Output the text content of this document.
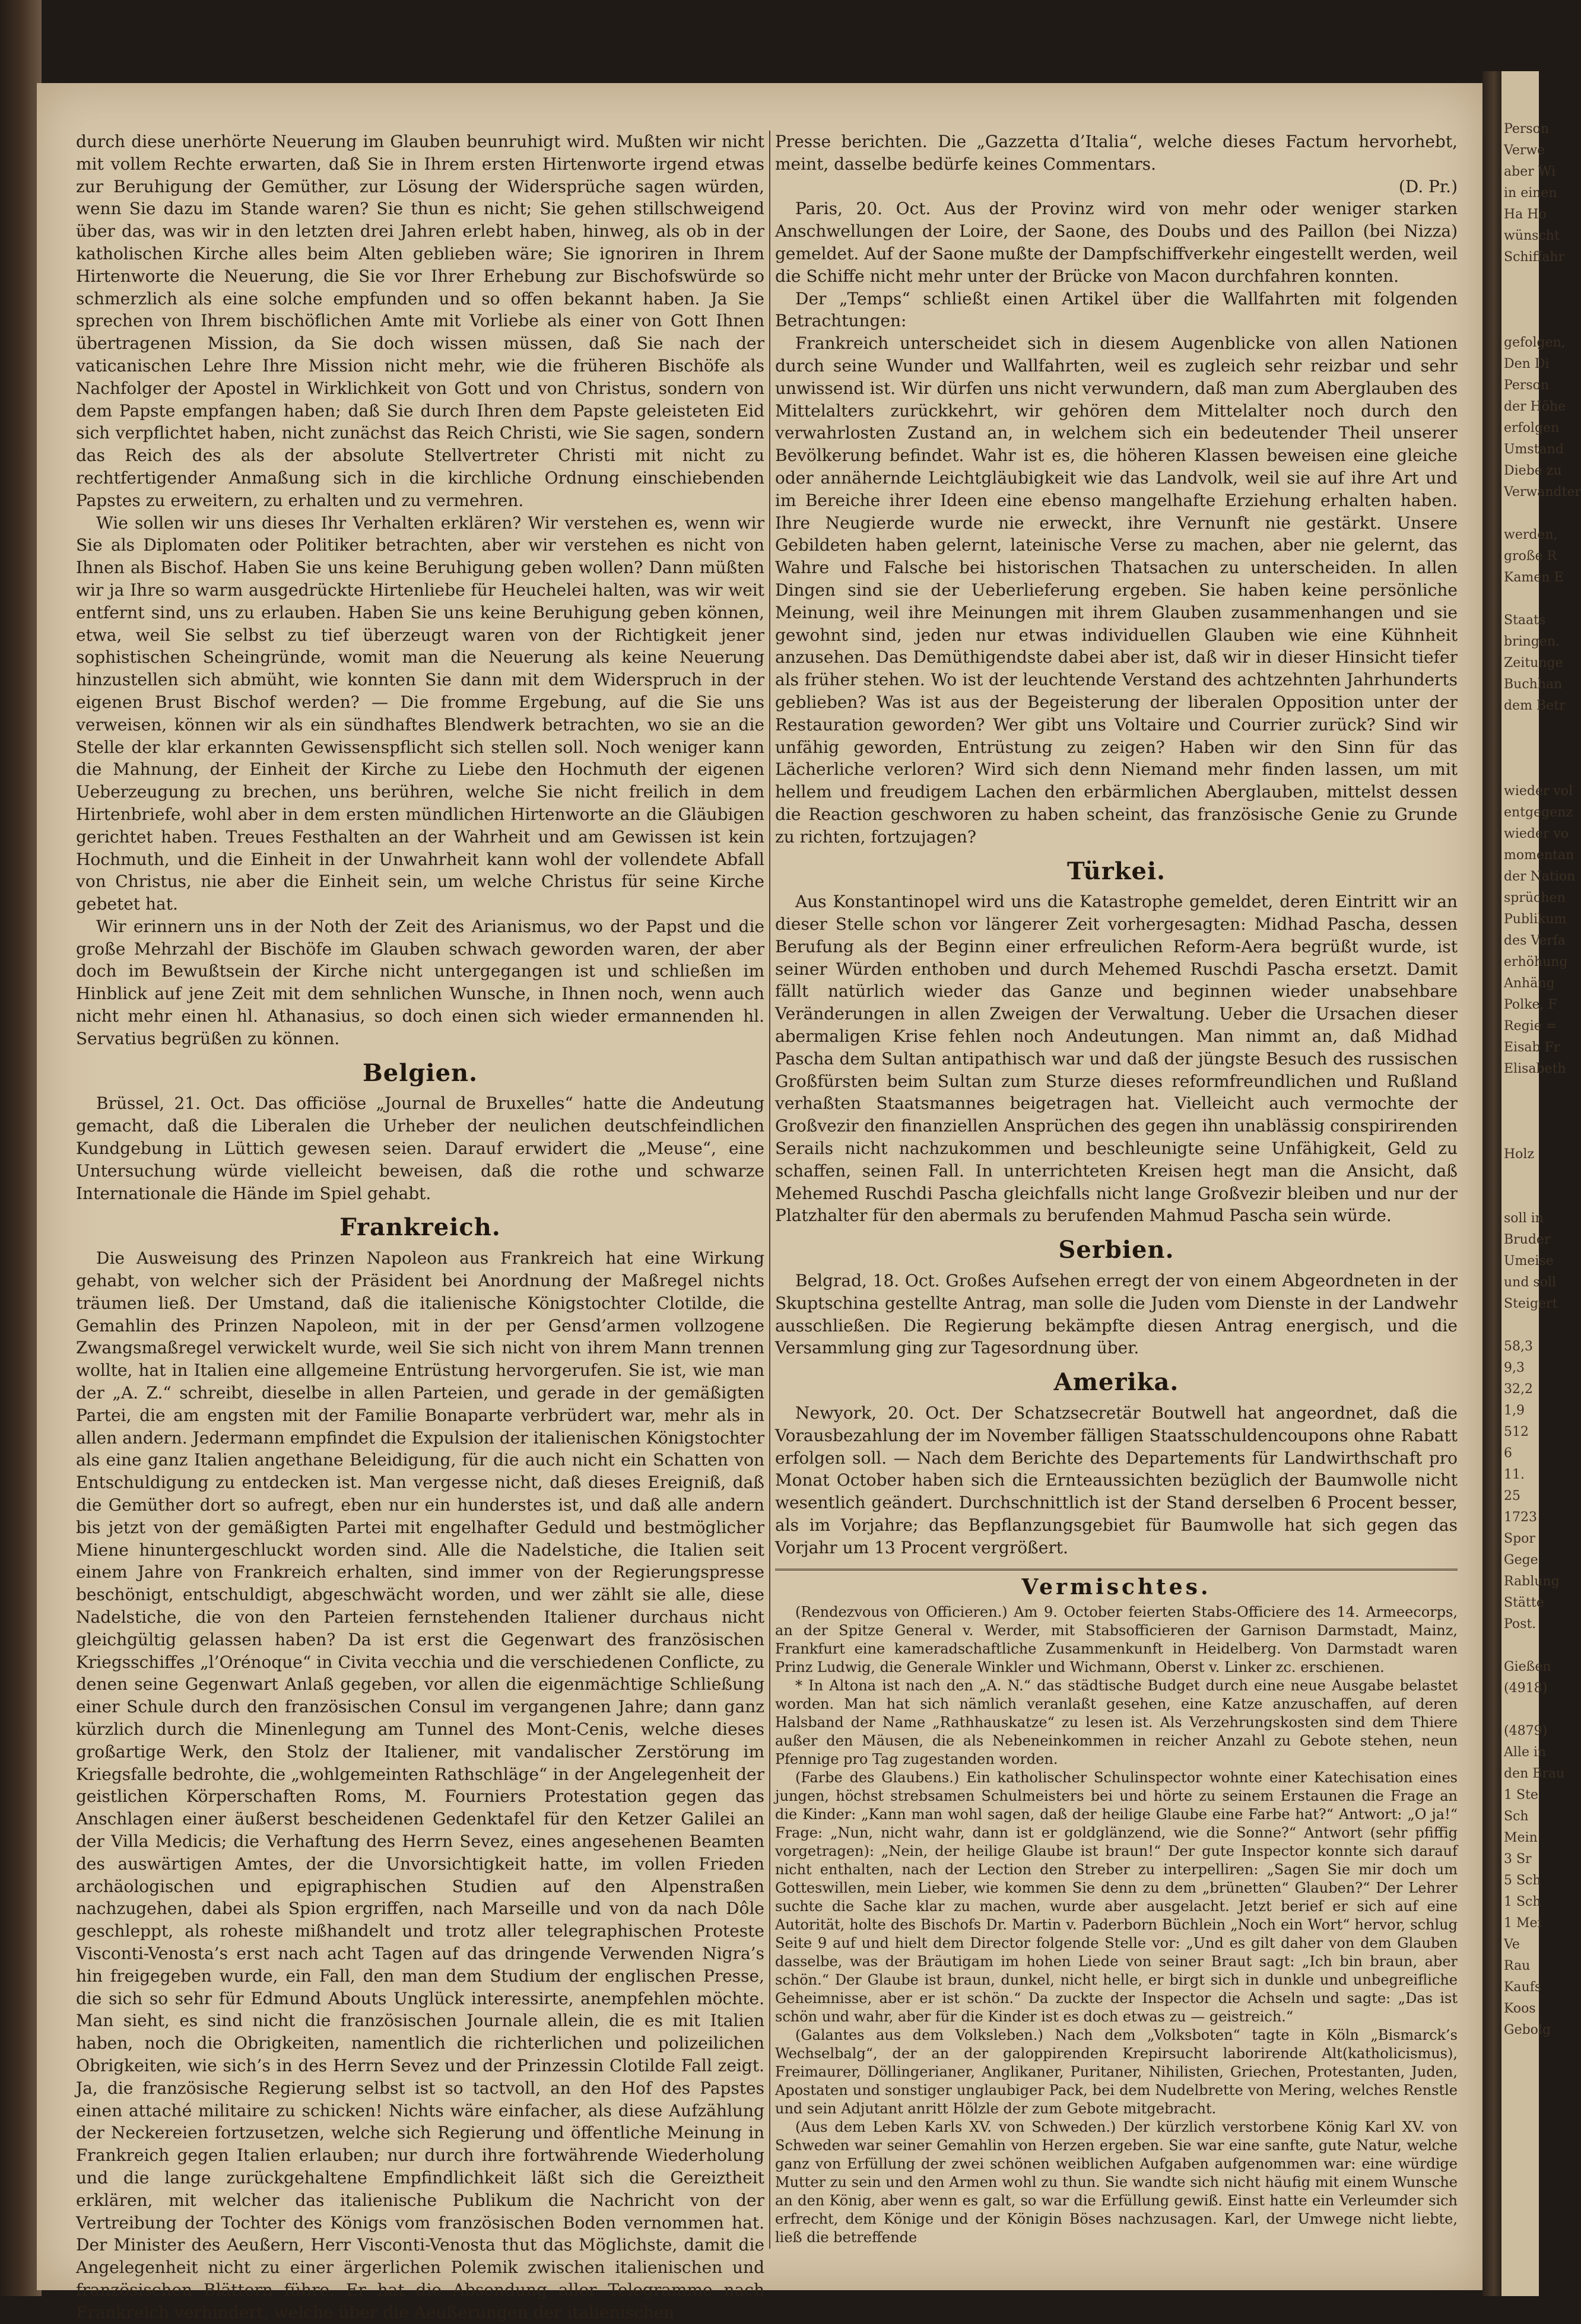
durch diese unerhörte Neuerung im Glauben beunruhigt wird. Mußten wir nicht mit vollem Rechte erwarten, daß Sie in Ihrem ersten Hirtenworte irgend etwas zur Beruhigung der Gemüther, zur Lösung der Widersprüche sagen würden, wenn Sie dazu im Stande waren? Sie thun es nicht; Sie gehen stillschweigend über das, was wir in den letzten drei Jahren erlebt haben, hinweg, als ob in der katholischen Kirche alles beim Alten geblieben wäre; Sie ignoriren in Ihrem Hirtenworte die Neuerung, die Sie vor Ihrer Erhebung zur Bischofswürde so schmerzlich als eine solche empfunden und so offen bekannt haben. Ja Sie sprechen von Ihrem bischöflichen Amte mit Vorliebe als einer von Gott Ihnen übertragenen Mission, da Sie doch wissen müssen, daß Sie nach der vaticanischen Lehre Ihre Mission nicht mehr, wie die früheren Bischöfe als Nachfolger der Apostel in Wirklichkeit von Gott und von Christus, sondern von dem Papste empfangen haben; daß Sie durch Ihren dem Papste geleisteten Eid sich verpflichtet haben, nicht zunächst das Reich Christi, wie Sie sagen, sondern das Reich des als der absolute Stellvertreter Christi mit nicht zu rechtfertigender Anmaßung sich in die kirchliche Ordnung einschiebenden Papstes zu erweitern, zu erhalten und zu vermehren.

Wie sollen wir uns dieses Ihr Verhalten erklären? Wir verstehen es, wenn wir Sie als Diplomaten oder Politiker betrachten, aber wir verstehen es nicht von Ihnen als Bischof. Haben Sie uns keine Beruhigung geben wollen? Dann müßten wir ja Ihre so warm ausgedrückte Hirtenliebe für Heuchelei halten, was wir weit entfernt sind, uns zu erlauben. Haben Sie uns keine Beruhigung geben können, etwa, weil Sie selbst zu tief überzeugt waren von der Richtigkeit jener sophistischen Scheingründe, womit man die Neuerung als keine Neuerung hinzustellen sich abmüht, wie konnten Sie dann mit dem Widerspruch in der eigenen Brust Bischof werden? — Die fromme Ergebung, auf die Sie uns verweisen, können wir als ein sündhaftes Blendwerk betrachten, wo sie an die Stelle der klar erkannten Gewissenspflicht sich stellen soll. Noch weniger kann die Mahnung, der Einheit der Kirche zu Liebe den Hochmuth der eigenen Ueberzeugung zu brechen, uns berühren, welche Sie nicht freilich in dem Hirtenbriefe, wohl aber in dem ersten mündlichen Hirtenworte an die Gläubigen gerichtet haben. Treues Festhalten an der Wahrheit und am Gewissen ist kein Hochmuth, und die Einheit in der Unwahrheit kann wohl der vollendete Abfall von Christus, nie aber die Einheit sein, um welche Christus für seine Kirche gebetet hat.

Wir erinnern uns in der Noth der Zeit des Arianismus, wo der Papst und die große Mehrzahl der Bischöfe im Glauben schwach geworden waren, der aber doch im Bewußtsein der Kirche nicht untergegangen ist und schließen im Hinblick auf jene Zeit mit dem sehnlichen Wunsche, in Ihnen noch, wenn auch nicht mehr einen hl. Athanasius, so doch einen sich wieder ermannenden hl. Servatius begrüßen zu können.

Belgien.

Brüssel, 21. Oct. Das officiöse „Journal de Bruxelles“ hatte die Andeutung gemacht, daß die Liberalen die Urheber der neulichen deutschfeindlichen Kundgebung in Lüttich gewesen seien. Darauf erwidert die „Meuse“, eine Untersuchung würde vielleicht beweisen, daß die rothe und schwarze Internationale die Hände im Spiel gehabt.

Frankreich.

Die Ausweisung des Prinzen Napoleon aus Frankreich hat eine Wirkung gehabt, von welcher sich der Präsident bei Anordnung der Maßregel nichts träumen ließ. Der Umstand, daß die italienische Königstochter Clotilde, die Gemahlin des Prinzen Napoleon, mit in der per Gensd’armen vollzogene Zwangsmaßregel verwickelt wurde, weil Sie sich nicht von ihrem Mann trennen wollte, hat in Italien eine allgemeine Entrüstung hervorgerufen. Sie ist, wie man der „A. Z.“ schreibt, dieselbe in allen Parteien, und gerade in der gemäßigten Partei, die am engsten mit der Familie Bonaparte verbrüdert war, mehr als in allen andern. Jedermann empfindet die Expulsion der italienischen Königstochter als eine ganz Italien angethane Beleidigung, für die auch nicht ein Schatten von Entschuldigung zu entdecken ist. Man vergesse nicht, daß dieses Ereigniß, daß die Gemüther dort so aufregt, eben nur ein hunderstes ist, und daß alle andern bis jetzt von der gemäßigten Partei mit engelhafter Geduld und bestmöglicher Miene hinuntergeschluckt worden sind. Alle die Nadelstiche, die Italien seit einem Jahre von Frankreich erhalten, sind immer von der Regierungspresse beschönigt, entschuldigt, abgeschwächt worden, und wer zählt sie alle, diese Nadelstiche, die von den Parteien fernstehenden Italiener durchaus nicht gleichgültig gelassen haben? Da ist erst die Gegenwart des französischen Kriegsschiffes „l’Orénoque“ in Civita vecchia und die verschiedenen Conflicte, zu denen seine Gegenwart Anlaß gegeben, vor allen die eigenmächtige Schließung einer Schule durch den französischen Consul im vergangenen Jahre; dann ganz kürzlich durch die Minenlegung am Tunnel des Mont-Cenis, welche dieses großartige Werk, den Stolz der Italiener, mit vandalischer Zerstörung im Kriegsfalle bedrohte, die „wohlgemeinten Rathschläge“ in der Angelegenheit der geistlichen Körperschaften Roms, M. Fourniers Protestation gegen das Anschlagen einer äußerst bescheidenen Gedenktafel für den Ketzer Galilei an der Villa Medicis; die Verhaftung des Herrn Sevez, eines angesehenen Beamten des auswärtigen Amtes, der die Unvorsichtigkeit hatte, im vollen Frieden archäologischen und epigraphischen Studien auf den Alpenstraßen nachzugehen, dabei als Spion ergriffen, nach Marseille und von da nach Dôle geschleppt, als roheste mißhandelt und trotz aller telegraphischen Proteste Visconti-Venosta’s erst nach acht Tagen auf das dringende Verwenden Nigra’s hin freigegeben wurde, ein Fall, den man dem Studium der englischen Presse, die sich so sehr für Edmund Abouts Unglück interessirte, anempfehlen möchte. Man sieht, es sind nicht die französischen Journale allein, die es mit Italien haben, noch die Obrigkeiten, namentlich die richterlichen und polizeilichen Obrigkeiten, wie sich’s in des Herrn Sevez und der Prinzessin Clotilde Fall zeigt. Ja, die französische Regierung selbst ist so tactvoll, an den Hof des Papstes einen attaché militaire zu schicken! Nichts wäre einfacher, als diese Aufzählung der Neckereien fortzusetzen, welche sich Regierung und öffentliche Meinung in Frankreich gegen Italien erlauben; nur durch ihre fortwährende Wiederholung und die lange zurückgehaltene Empfindlichkeit läßt sich die Gereiztheit erklären, mit welcher das italienische Publikum die Nachricht von der Vertreibung der Tochter des Königs vom französischen Boden vernommen hat. Der Minister des Aeußern, Herr Visconti-Venosta thut das Möglichste, damit die Angelegenheit nicht zu einer ärgerlichen Polemik zwischen italienischen und französischen Blättern führe. Er hat die Absendung aller Telegramme nach Frankreich verhindert, welche über die Aeußerungen der italienischen

Presse berichten. Die „Gazzetta d’Italia“, welche dieses Factum hervorhebt, meint, dasselbe bedürfe keines Commentars.

(D. Pr.)

Paris, 20. Oct. Aus der Provinz wird von mehr oder weniger starken Anschwellungen der Loire, der Saone, des Doubs und des Paillon (bei Nizza) gemeldet. Auf der Saone mußte der Dampfschiffverkehr eingestellt werden, weil die Schiffe nicht mehr unter der Brücke von Macon durchfahren konnten.

Der „Temps“ schließt einen Artikel über die Wallfahrten mit folgenden Betrachtungen:

Frankreich unterscheidet sich in diesem Augenblicke von allen Nationen durch seine Wunder und Wallfahrten, weil es zugleich sehr reizbar und sehr unwissend ist. Wir dürfen uns nicht verwundern, daß man zum Aberglauben des Mittelalters zurückkehrt, wir gehören dem Mittelalter noch durch den verwahrlosten Zustand an, in welchem sich ein bedeutender Theil unserer Bevölkerung befindet. Wahr ist es, die höheren Klassen beweisen eine gleiche oder annähernde Leichtgläubigkeit wie das Landvolk, weil sie auf ihre Art und im Bereiche ihrer Ideen eine ebenso mangelhafte Erziehung erhalten haben. Ihre Neugierde wurde nie erweckt, ihre Vernunft nie gestärkt. Unsere Gebildeten haben gelernt, lateinische Verse zu machen, aber nie gelernt, das Wahre und Falsche bei historischen Thatsachen zu unterscheiden. In allen Dingen sind sie der Ueberlieferung ergeben. Sie haben keine persönliche Meinung, weil ihre Meinungen mit ihrem Glauben zusammenhangen und sie gewohnt sind, jeden nur etwas individuellen Glauben wie eine Kühnheit anzusehen. Das Demüthigendste dabei aber ist, daß wir in dieser Hinsicht tiefer als früher stehen. Wo ist der leuchtende Verstand des achtzehnten Jahrhunderts geblieben? Was ist aus der Begeisterung der liberalen Opposition unter der Restauration geworden? Wer gibt uns Voltaire und Courrier zurück? Sind wir unfähig geworden, Entrüstung zu zeigen? Haben wir den Sinn für das Lächerliche verloren? Wird sich denn Niemand mehr finden lassen, um mit hellem und freudigem Lachen den erbärmlichen Aberglauben, mittelst dessen die Reaction geschworen zu haben scheint, das französische Genie zu Grunde zu richten, fortzujagen?

Türkei.

Aus Konstantinopel wird uns die Katastrophe gemeldet, deren Eintritt wir an dieser Stelle schon vor längerer Zeit vorhergesagten: Midhad Pascha, dessen Berufung als der Beginn einer erfreulichen Reform-Aera begrüßt wurde, ist seiner Würden enthoben und durch Mehemed Ruschdi Pascha ersetzt. Damit fällt natürlich wieder das Ganze und beginnen wieder unabsehbare Veränderungen in allen Zweigen der Verwaltung. Ueber die Ursachen dieser abermaligen Krise fehlen noch Andeutungen. Man nimmt an, daß Midhad Pascha dem Sultan antipathisch war und daß der jüngste Besuch des russischen Großfürsten beim Sultan zum Sturze dieses reformfreundlichen und Rußland verhaßten Staatsmannes beigetragen hat. Vielleicht auch vermochte der Großvezir den finanziellen Ansprüchen des gegen ihn unablässig conspirirenden Serails nicht nachzukommen und beschleunigte seine Unfähigkeit, Geld zu schaffen, seinen Fall. In unterrichteten Kreisen hegt man die Ansicht, daß Mehemed Ruschdi Pascha gleichfalls nicht lange Großvezir bleiben und nur der Platzhalter für den abermals zu berufenden Mahmud Pascha sein würde.

Serbien.

Belgrad, 18. Oct. Großes Aufsehen erregt der von einem Abgeordneten in der Skuptschina gestellte Antrag, man solle die Juden vom Dienste in der Landwehr ausschließen. Die Regierung bekämpfte diesen Antrag energisch, und die Versammlung ging zur Tagesordnung über.

Amerika.

Newyork, 20. Oct. Der Schatzsecretär Boutwell hat angeordnet, daß die Vorausbezahlung der im November fälligen Staatsschuldencoupons ohne Rabatt erfolgen soll. — Nach dem Berichte des Departements für Landwirthschaft pro Monat October haben sich die Ernteaussichten bezüglich der Baumwolle nicht wesentlich geändert. Durchschnittlich ist der Stand derselben 6 Procent besser, als im Vorjahre; das Bepflanzungsgebiet für Baumwolle hat sich gegen das Vorjahr um 13 Procent vergrößert.

Vermischtes.

(Rendezvous von Officieren.) Am 9. October feierten Stabs-Officiere des 14. Armeecorps, an der Spitze General v. Werder, mit Stabsofficieren der Garnison Darmstadt, Mainz, Frankfurt eine kameradschaftliche Zusammenkunft in Heidelberg. Von Darmstadt waren Prinz Ludwig, die Generale Winkler und Wichmann, Oberst v. Linker zc. erschienen.

* In Altona ist nach den „A. N.“ das städtische Budget durch eine neue Ausgabe belastet worden. Man hat sich nämlich veranlaßt gesehen, eine Katze anzuschaffen, auf deren Halsband der Name „Rathhauskatze“ zu lesen ist. Als Verzehrungskosten sind dem Thiere außer den Mäusen, die als Nebeneinkommen in reicher Anzahl zu Gebote stehen, neun Pfennige pro Tag zugestanden worden.

(Farbe des Glaubens.) Ein katholischer Schulinspector wohnte einer Katechisation eines jungen, höchst strebsamen Schulmeisters bei und hörte zu seinem Erstaunen die Frage an die Kinder: „Kann man wohl sagen, daß der heilige Glaube eine Farbe hat?“ Antwort: „O ja!“ Frage: „Nun, nicht wahr, dann ist er goldglänzend, wie die Sonne?“ Antwort (sehr pfiffig vorgetragen): „Nein, der heilige Glaube ist braun!“ Der gute Inspector konnte sich darauf nicht enthalten, nach der Lection den Streber zu interpelliren: „Sagen Sie mir doch um Gotteswillen, mein Lieber, wie kommen Sie denn zu dem „brünetten“ Glauben?“ Der Lehrer suchte die Sache klar zu machen, wurde aber ausgelacht. Jetzt berief er sich auf eine Autorität, holte des Bischofs Dr. Martin v. Paderborn Büchlein „Noch ein Wort“ hervor, schlug Seite 9 auf und hielt dem Director folgende Stelle vor: „Und es gilt daher von dem Glauben dasselbe, was der Bräutigam im hohen Liede von seiner Braut sagt: „Ich bin braun, aber schön.“ Der Glaube ist braun, dunkel, nicht helle, er birgt sich in dunkle und unbegreifliche Geheimnisse, aber er ist schön.“ Da zuckte der Inspector die Achseln und sagte: „Das ist schön und wahr, aber für die Kinder ist es doch etwas zu — geistreich.“

(Galantes aus dem Volksleben.) Nach dem „Volksboten“ tagte in Köln „Bismarck’s Wechselbalg“, der an der galoppirenden Krepirsucht laborirende Alt(katholicismus), Freimaurer, Döllingerianer, Anglikaner, Puritaner, Nihilisten, Griechen, Protestanten, Juden, Apostaten und sonstiger unglaubiger Pack, bei dem Nudelbrette von Mering, welches Renstle und sein Adjutant anritt Hölzle der zum Gebote mitgebracht.

(Aus dem Leben Karls XV. von Schweden.) Der kürzlich verstorbene König Karl XV. von Schweden war seiner Gemahlin von Herzen ergeben. Sie war eine sanfte, gute Natur, welche ganz von Erfüllung der zwei schönen weiblichen Aufgaben aufgenommen war: eine würdige Mutter zu sein und den Armen wohl zu thun. Sie wandte sich nicht häufig mit einem Wunsche an den König, aber wenn es galt, so war die Erfüllung gewiß. Einst hatte ein Verleumder sich erfrecht, dem Könige und der Königin Böses nachzusagen. Karl, der Umwege nicht liebte, ließ die betreffende

Person
Verwe
aber Wi
in einen
Ha Ho
wünscht
Schiffahr

gefolgen,
Den Di
Person
der Höhe
erfolgen
Umstand
Diebe zu
Verwandter

werden,
große R
Kamen E

Staats
bringen.
Zeitunge
Buchhan
dem Betr

wieder vol
entgegenz
wieder vo
momentan
der Nation
sprüchen
Publikum
des Verfa
erhöhung
Anhäng
Polke, F
Regie =
Eisab Fr
Elisabeth

Holz

soll in
Bruder
Umeise
und soll
Steigert

58,3
9,3
32,2
1,9
512
6
11.
25
1723
Spor
Gege
Rablung
Stätte
Post.

Gießen
(4918)

(4879)
Alle in
den Brau
1 Ste
Sch
Mein
3 Sr
5 Sch
1 Sch
1 Mei
Ve
Rau
Kaufs
Koos
Gebolg
